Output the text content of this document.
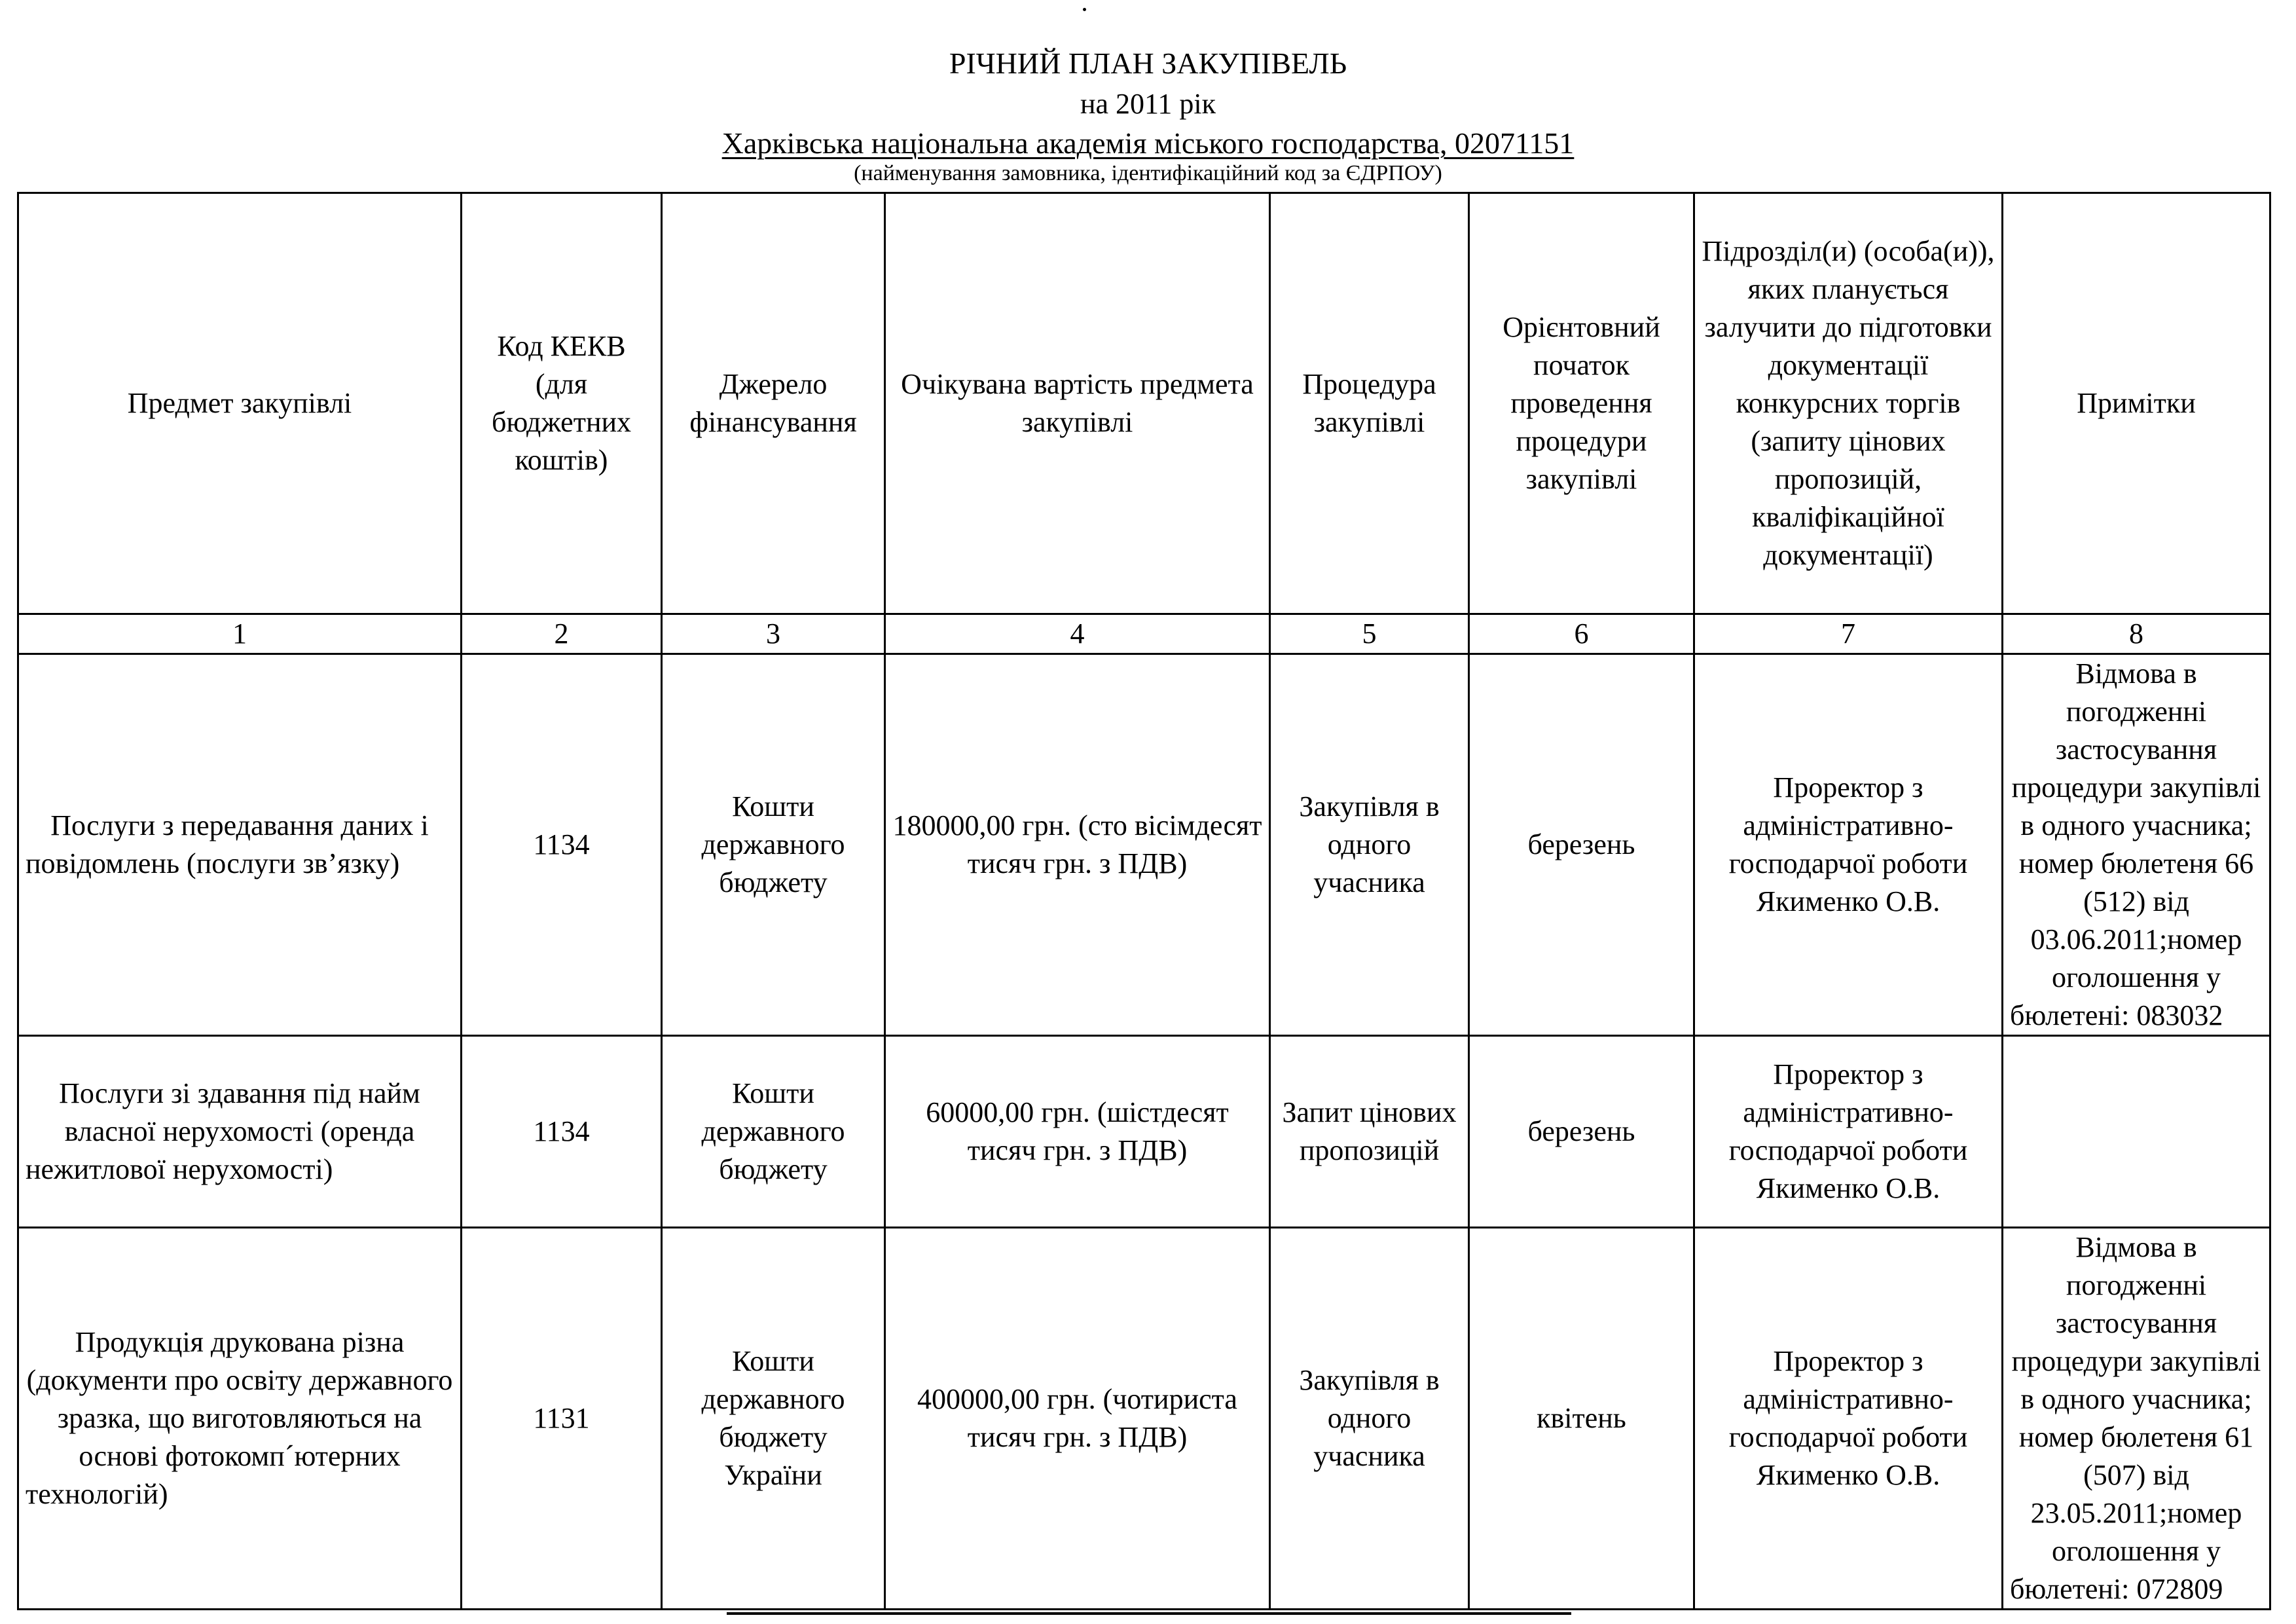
РІЧНИЙ ПЛАН ЗАКУПІВЕЛЬ
на 2011 рік
Харківська національна академія міського господарства, 02071151
(найменування замовника, ідентифікаційний код за ЄДРПОУ)
Предмет закупівлі	Код КЕКВ (для бюджетних коштів)	Джерело фінансування	Очікувана вартість предмета закупівлі	Процедура закупівлі	Орієнтовний початок проведення процедури закупівлі	Підрозділ(и) (особа(и)), яких планується залучити до підготовки документації конкурсних торгів (запиту цінових пропозицій, кваліфікаційної документації)	Примітки
1	2	3	4	5	6	7	8
Послуги з передавання даних і повідомлень (послуги зв’язку)	1134	Кошти державного бюджету	180000,00 грн. (сто вісімдесят тисяч грн. з ПДВ)	Закупівля в одного учасника	березень	Проректор з адміністративно-господарчої роботи Якименко О.В.	Відмова в погодженні застосування процедури закупівлі в одного учасника; номер бюлетеня 66 (512) від 03.06.2011;номер оголошення у бюлетені: 083032
Послуги зі здавання під найм власної нерухомості (оренда нежитлової нерухомості)	1134	Кошти державного бюджету	60000,00 грн. (шістдесят тисяч грн. з ПДВ)	Запит цінових пропозицій	березень	Проректор з адміністративно-господарчої роботи Якименко О.В.	
Продукція друкована різна (документи про освіту державного зразка, що виготовляються на основі фотокомп´ютерних технологій)	1131	Кошти державного бюджету України	400000,00 грн. (чотириста тисяч грн. з ПДВ)	Закупівля в одного учасника	квітень	Проректор з адміністративно-господарчої роботи Якименко О.В.	Відмова в погодженні застосування процедури закупівлі в одного учасника; номер бюлетеня 61 (507) від 23.05.2011;номер оголошення у бюлетені: 072809
